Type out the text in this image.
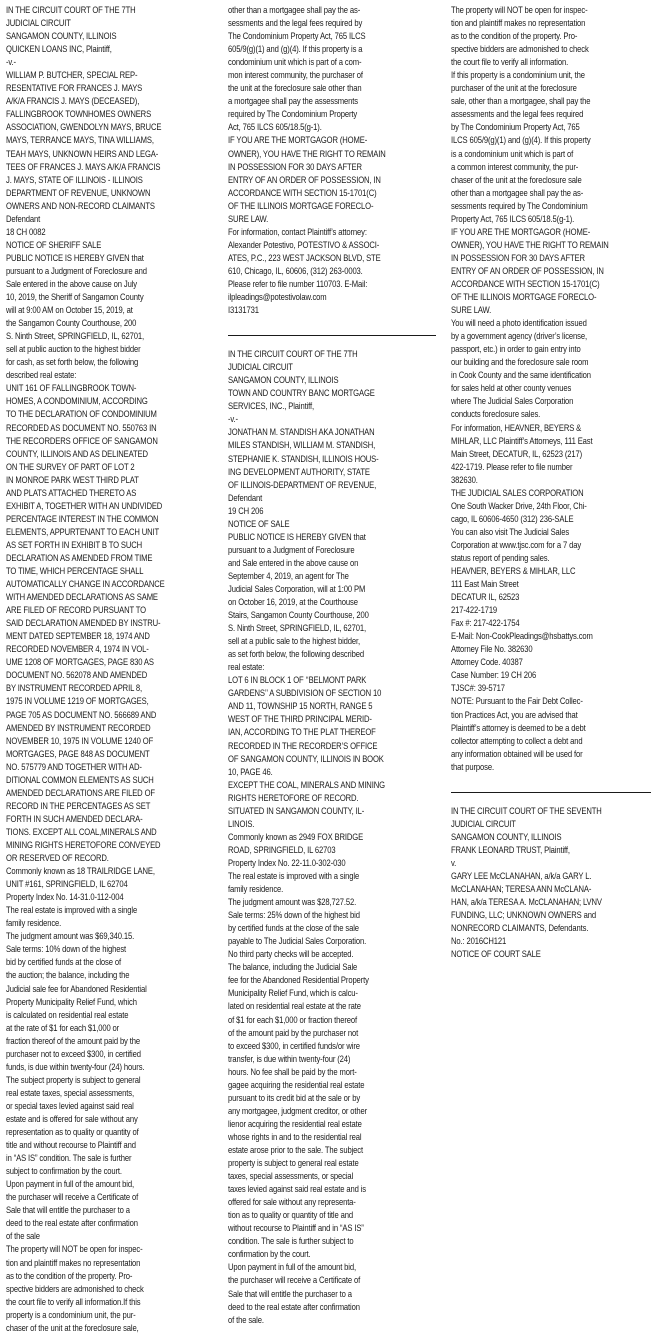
IN THE CIRCUIT COURT OF THE 7TH
JUDICIAL CIRCUIT
SANGAMON COUNTY, ILLINOIS
QUICKEN LOANS INC, Plaintiff,
-v.-
WILLIAM P. BUTCHER, SPECIAL REP-
RESENTATIVE FOR FRANCES J. MAYS
A/K/A FRANCIS J. MAYS (DECEASED),
FALLINGBROOK TOWNHOMES OWNERS
ASSOCIATION, GWENDOLYN MAYS, BRUCE
MAYS, TERRANCE MAYS, TINA WILLIAMS,
TEAH MAYS, UNKNOWN HEIRS AND LEGA-
TEES OF FRANCES J. MAYS A/K/A FRANCIS
J. MAYS, STATE OF ILLINOIS - ILLINOIS
DEPARTMENT OF REVENUE, UNKNOWN
OWNERS AND NON-RECORD CLAIMANTS
Defendant
18 CH 0082
NOTICE OF SHERIFF SALE
PUBLIC NOTICE IS HEREBY GIVEN that
pursuant to a Judgment of Foreclosure and
Sale entered in the above cause on July
10, 2019, the Sheriff of Sangamon County
will at 9:00 AM on October 15, 2019, at
the Sangamon County Courthouse, 200
S. Ninth Street, SPRINGFIELD, IL, 62701,
sell at public auction to the highest bidder
for cash, as set forth below, the following
described real estate:
UNIT 161 OF FALLINGBROOK TOWN-
HOMES, A CONDOMINIUM, ACCORDING
TO THE DECLARATION OF CONDOMINIUM
RECORDED AS DOCUMENT NO. 550763 IN
THE RECORDERS OFFICE OF SANGAMON
COUNTY, ILLINOIS AND AS DELINEATED
ON THE SURVEY OF PART OF LOT 2
IN MONROE PARK WEST THIRD PLAT
AND PLATS ATTACHED THERETO AS
EXHIBIT A, TOGETHER WITH AN UNDIVIDED
PERCENTAGE INTEREST IN THE COMMON
ELEMENTS, APPURTENANT TO EACH UNIT
AS SET FORTH IN EXHIBIT B TO SUCH
DECLARATION AS AMENDED FROM TIME
TO TIME, WHICH PERCENTAGE SHALL
AUTOMATICALLY CHANGE IN ACCORDANCE
WITH AMENDED DECLARATIONS AS SAME
ARE FILED OF RECORD PURSUANT TO
SAID DECLARATION AMENDED BY INSTRU-
MENT DATED SEPTEMBER 18, 1974 AND
RECORDED NOVEMBER 4, 1974 IN VOL-
UME 1208 OF MORTGAGES, PAGE 830 AS
DOCUMENT NO. 562078 AND AMENDED
BY INSTRUMENT RECORDED APRIL 8,
1975 IN VOLUME 1219 OF MORTGAGES,
PAGE 705 AS DOCUMENT NO. 566689 AND
AMENDED BY INSTRUMENT RECORDED
NOVEMBER 10, 1975 IN VOLUME 1240 OF
MORTGAGES, PAGE 848 AS DOCUMENT
NO. 575779 AND TOGETHER WITH AD-
DITIONAL COMMON ELEMENTS AS SUCH
AMENDED DECLARATIONS ARE FILED OF
RECORD IN THE PERCENTAGES AS SET
FORTH IN SUCH AMENDED DECLARA-
TIONS. EXCEPT ALL COAL,MINERALS AND
MINING RIGHTS HERETOFORE CONVEYED
OR RESERVED OF RECORD.
Commonly known as 18 TRAILRIDGE LANE,
UNIT #161, SPRINGFIELD, IL 62704
Property Index No. 14-31.0-112-004
The real estate is improved with a single
family residence.
The judgment amount was $69,340.15.
Sale terms: 10% down of the highest
bid by certified funds at the close of
the auction; the balance, including the
Judicial sale fee for Abandoned Residential
Property Municipality Relief Fund, which
is calculated on residential real estate
at the rate of $1 for each $1,000 or
fraction thereof of the amount paid by the
purchaser not to exceed $300, in certified
funds, is due within twenty-four (24) hours.
The subject property is subject to general
real estate taxes, special assessments,
or special taxes levied against said real
estate and is offered for sale without any
representation as to quality or quantity of
title and without recourse to Plaintiff and
in “AS IS” condition. The sale is further
subject to confirmation by the court.
Upon payment in full of the amount bid,
the purchaser will receive a Certificate of
Sale that will entitle the purchaser to a
deed to the real estate after confirmation
of the sale
The property will NOT be open for inspec-
tion and plaintiff makes no representation
as to the condition of the property. Pro-
spective bidders are admonished to check
the court file to verify all information.If this
property is a condominium unit, the pur-
chaser of the unit at the foreclosure sale,
other than a mortgagee shall pay the as-
sessments and the legal fees required by
The Condominium Property Act, 765 ILCS
605/9(g)(1) and (g)(4). If this property is a
condominium unit which is part of a com-
mon interest community, the purchaser of
the unit at the foreclosure sale other than
a mortgagee shall pay the assessments
required by The Condominium Property
Act, 765 ILCS 605/18.5(g-1).
IF YOU ARE THE MORTGAGOR (HOME-
OWNER), YOU HAVE THE RIGHT TO REMAIN
IN POSSESSION FOR 30 DAYS AFTER
ENTRY OF AN ORDER OF POSSESSION, IN
ACCORDANCE WITH SECTION 15-1701(C)
OF THE ILLINOIS MORTGAGE FORECLO-
SURE LAW.
For information, contact Plaintiff’s attorney:
Alexander Potestivo, POTESTIVO & ASSOCI-
ATES, P.C., 223 WEST JACKSON BLVD, STE
610, Chicago, IL, 60606, (312) 263-0003.
Please refer to file number 110703. E-Mail:
ilpleadings@potestivolaw.com
I3131731
IN THE CIRCUIT COURT OF THE 7TH
JUDICIAL CIRCUIT
SANGAMON COUNTY, ILLINOIS
TOWN AND COUNTRY BANC MORTGAGE
SERVICES, INC., Plaintiff,
-v.-
JONATHAN M. STANDISH AKA JONATHAN
MILES STANDISH, WILLIAM M. STANDISH,
STEPHANIE K. STANDISH, ILLINOIS HOUS-
ING DEVELOPMENT AUTHORITY, STATE
OF ILLINOIS-DEPARTMENT OF REVENUE,
Defendant
19 CH 206
NOTICE OF SALE
PUBLIC NOTICE IS HEREBY GIVEN that
pursuant to a Judgment of Foreclosure
and Sale entered in the above cause on
September 4, 2019, an agent for The
Judicial Sales Corporation, will at 1:00 PM
on October 16, 2019, at the Courthouse
Stairs, Sangamon County Courthouse, 200
S. Ninth Street, SPRINGFIELD, IL, 62701,
sell at a public sale to the highest bidder,
as set forth below, the following described
real estate:
LOT 6 IN BLOCK 1 OF ‘‘BELMONT PARK
GARDENS’’ A SUBDIVISION OF SECTION 10
AND 11, TOWNSHIP 15 NORTH, RANGE 5
WEST OF THE THIRD PRINCIPAL MERID-
IAN, ACCORDING TO THE PLAT THEREOF
RECORDED IN THE RECORDER’S OFFICE
OF SANGAMON COUNTY, ILLINOIS IN BOOK
10, PAGE 46.
EXCEPT THE COAL, MINERALS AND MINING
RIGHTS HERETOFORE OF RECORD.
SITUATED IN SANGAMON COUNTY, IL-
LINOIS.
Commonly known as 2949 FOX BRIDGE
ROAD, SPRINGFIELD, IL 62703
Property Index No. 22-11.0-302-030
The real estate is improved with a single
family residence.
The judgment amount was $28,727.52.
Sale terms: 25% down of the highest bid
by certified funds at the close of the sale
payable to The Judicial Sales Corporation.
No third party checks will be accepted.
The balance, including the Judicial Sale
fee for the Abandoned Residential Property
Municipality Relief Fund, which is calcu-
lated on residential real estate at the rate
of $1 for each $1,000 or fraction thereof
of the amount paid by the purchaser not
to exceed $300, in certified funds/or wire
transfer, is due within twenty-four (24)
hours. No fee shall be paid by the mort-
gagee acquiring the residential real estate
pursuant to its credit bid at the sale or by
any mortgagee, judgment creditor, or other
lienor acquiring the residential real estate
whose rights in and to the residential real
estate arose prior to the sale. The subject
property is subject to general real estate
taxes, special assessments, or special
taxes levied against said real estate and is
offered for sale without any representa-
tion as to quality or quantity of title and
without recourse to Plaintiff and in “AS IS”
condition. The sale is further subject to
confirmation by the court.
Upon payment in full of the amount bid,
the purchaser will receive a Certificate of
Sale that will entitle the purchaser to a
deed to the real estate after confirmation
of the sale.
The property will NOT be open for inspec-
tion and plaintiff makes no representation
as to the condition of the property. Pro-
spective bidders are admonished to check
the court file to verify all information.
If this property is a condominium unit, the
purchaser of the unit at the foreclosure
sale, other than a mortgagee, shall pay the
assessments and the legal fees required
by The Condominium Property Act, 765
ILCS 605/9(g)(1) and (g)(4). If this property
is a condominium unit which is part of
a common interest community, the pur-
chaser of the unit at the foreclosure sale
other than a mortgagee shall pay the as-
sessments required by The Condominium
Property Act, 765 ILCS 605/18.5(g-1).
IF YOU ARE THE MORTGAGOR (HOME-
OWNER), YOU HAVE THE RIGHT TO REMAIN
IN POSSESSION FOR 30 DAYS AFTER
ENTRY OF AN ORDER OF POSSESSION, IN
ACCORDANCE WITH SECTION 15-1701(C)
OF THE ILLINOIS MORTGAGE FORECLO-
SURE LAW.
You will need a photo identification issued
by a government agency (driver’s license,
passport, etc.) in order to gain entry into
our building and the foreclosure sale room
in Cook County and the same identification
for sales held at other county venues
where The Judicial Sales Corporation
conducts foreclosure sales.
For information, HEAVNER, BEYERS &
MIHLAR, LLC Plaintiff’s Attorneys, 111 East
Main Street, DECATUR, IL, 62523 (217)
422-1719. Please refer to file number
382630.
THE JUDICIAL SALES CORPORATION
One South Wacker Drive, 24th Floor, Chi-
cago, IL 60606-4650 (312) 236-SALE
You can also visit The Judicial Sales
Corporation at www.tjsc.com for a 7 day
status report of pending sales.
HEAVNER, BEYERS & MIHLAR, LLC
111 East Main Street
DECATUR IL, 62523
217-422-1719
Fax #: 217-422-1754
E-Mail: Non-CookPleadings@hsbattys.com
Attorney File No. 382630
Attorney Code. 40387
Case Number: 19 CH 206
TJSC#: 39-5717
NOTE: Pursuant to the Fair Debt Collec-
tion Practices Act, you are advised that
Plaintiff’s attorney is deemed to be a debt
collector attempting to collect a debt and
any information obtained will be used for
that purpose.
IN THE CIRCUIT COURT OF THE SEVENTH
JUDICIAL CIRCUIT
SANGAMON COUNTY, ILLINOIS
FRANK LEONARD TRUST, Plaintiff,
v.
GARY LEE McCLANAHAN, a/k/a GARY L.
McCLANAHAN; TERESA ANN McCLANA-
HAN, a/k/a TERESA A. McCLANAHAN; LVNV
FUNDING, LLC; UNKNOWN OWNERS and
NONRECORD CLAIMANTS, Defendants.
No.: 2016CH121
NOTICE OF COURT SALE
